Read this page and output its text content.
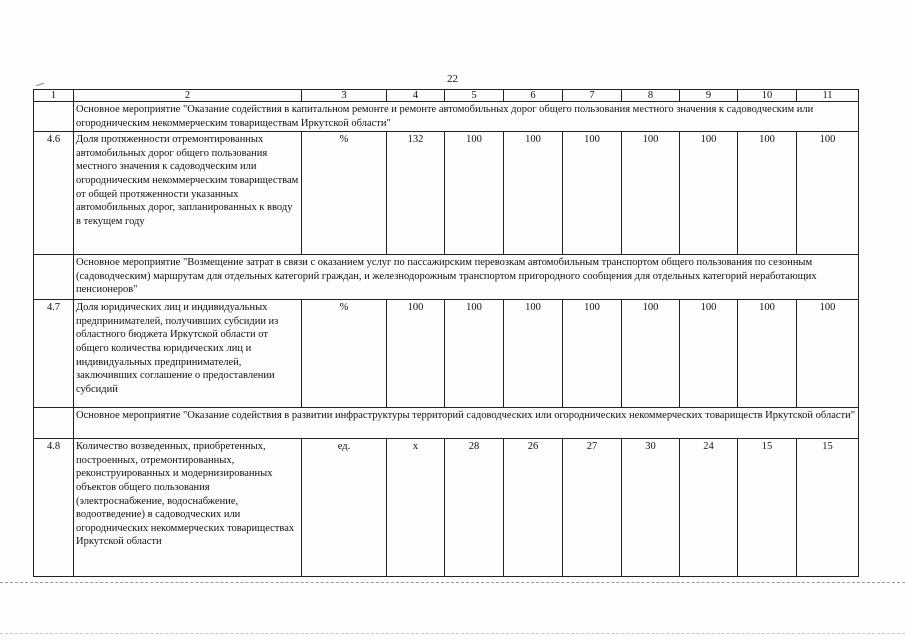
22
1	2	3	4	5	6	7	8	9	10	11
	Основное мероприятие "Оказание содействия в капитальном ремонте и ремонте автомобильных дорог общего пользования местного значения к садоводческим или огородническим некоммерческим товариществам Иркутской области"									
4.6	Доля протяженности отремонтированных автомобильных дорог общего пользования местного значения к садоводческим или огородническим некоммерческим товариществам от общей протяженности указанных автомобильных дорог, запланированных к вводу в текущем году	%	132	100	100	100	100	100	100	100
	Основное мероприятие "Возмещение затрат в связи с оказанием услуг по пассажирским перевозкам автомобильным транспортом общего пользования по сезонным (садоводческим) маршрутам для отдельных категорий граждан, и железнодорожным транспортом пригородного сообщения для отдельных категорий неработающих пенсионеров"									
4.7	Доля юридических лиц и индивидуальных предпринимателей, получивших субсидии из областного бюджета Иркутской области от общего количества юридических лиц и индивидуальных предпринимателей, заключивших соглашение о предоставлении субсидий	%	100	100	100	100	100	100	100	100
	Основное мероприятие "Оказание содействия в развитии инфраструктуры территорий садоводческих или огороднических некоммерческих товариществ Иркутской области"									
4.8	Количество возведенных, приобретенных, построенных, отремонтированных, реконструированных и модернизированных объектов общего пользования (электроснабжение, водоснабжение, водоотведение) в садоводческих или огороднических некоммерческих товариществах Иркутской области	ед.	х	28	26	27	30	24	15	15
